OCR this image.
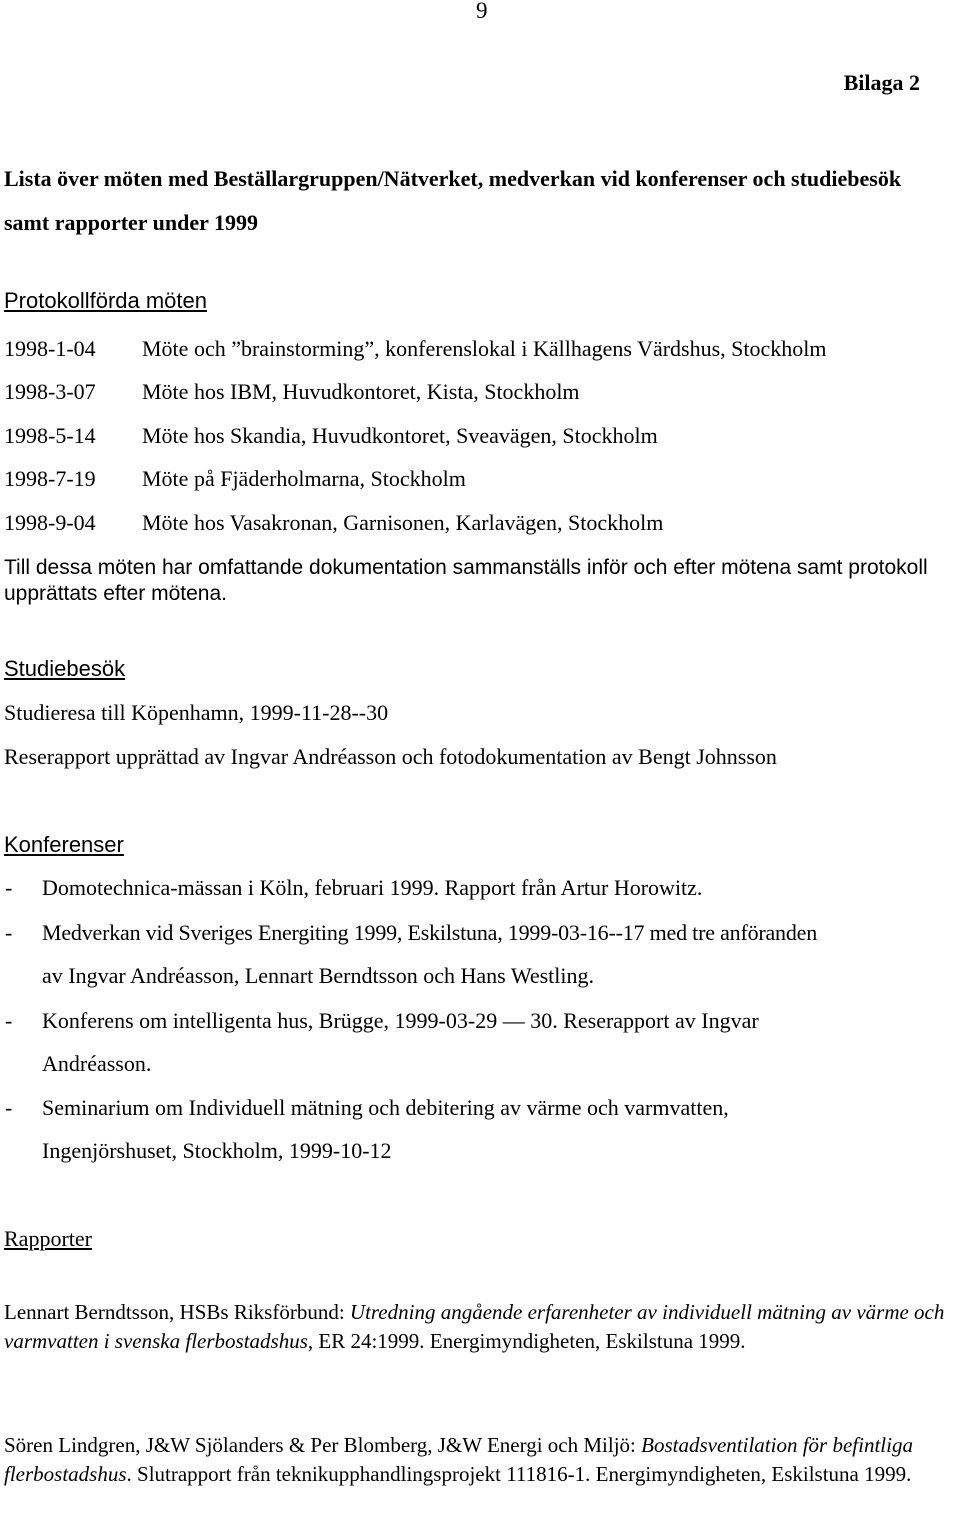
9
Bilaga 2
Lista över möten med Beställargruppen/Nätverket, medverkan vid konferenser och studiebesök samt rapporter under 1999
Protokollförda möten
1998-1-04 Möte och ”brainstorming”, konferenslokal i Källhagens Värdshus, Stockholm
1998-3-07 Möte hos IBM, Huvudkontoret, Kista, Stockholm
1998-5-14 Möte hos Skandia, Huvudkontoret, Sveavägen, Stockholm
1998-7-19 Möte på Fjäderholmarna, Stockholm
1998-9-04 Möte hos Vasakronan, Garnisonen, Karlavägen, Stockholm
Till dessa möten har omfattande dokumentation sammanställs inför och efter mötena samt protokoll upprättats efter mötena.
Studiebesök
Studieresa till Köpenhamn, 1999-11-28--30
Reserapport upprättad av Ingvar Andréasson och fotodokumentation av Bengt Johnsson
Konferenser
- Domotechnica-mässan i Köln, februari 1999. Rapport från Artur Horowitz.
- Medverkan vid Sveriges Energiting 1999, Eskilstuna, 1999-03-16--17 med tre anföranden
av Ingvar Andréasson, Lennart Berndtsson och Hans Westling.
- Konferens om intelligenta hus, Brügge, 1999-03-29 — 30. Reserapport av Ingvar
Andréasson.
- Seminarium om Individuell mätning och debitering av värme och varmvatten,
Ingenjörshuset, Stockholm, 1999-10-12
Rapporter
Lennart Berndtsson, HSBs Riksförbund: Utredning angående erfarenheter av individuell mätning av värme och varmvatten i svenska flerbostadshus, ER 24:1999. Energimyndigheten, Eskilstuna 1999.
Sören Lindgren, J&W Sjölanders & Per Blomberg, J&W Energi och Miljö: Bostadsventilation för befintliga flerbostadshus. Slutrapport från teknikupphandlingsprojekt 111816-1. Energimyndigheten, Eskilstuna 1999.
